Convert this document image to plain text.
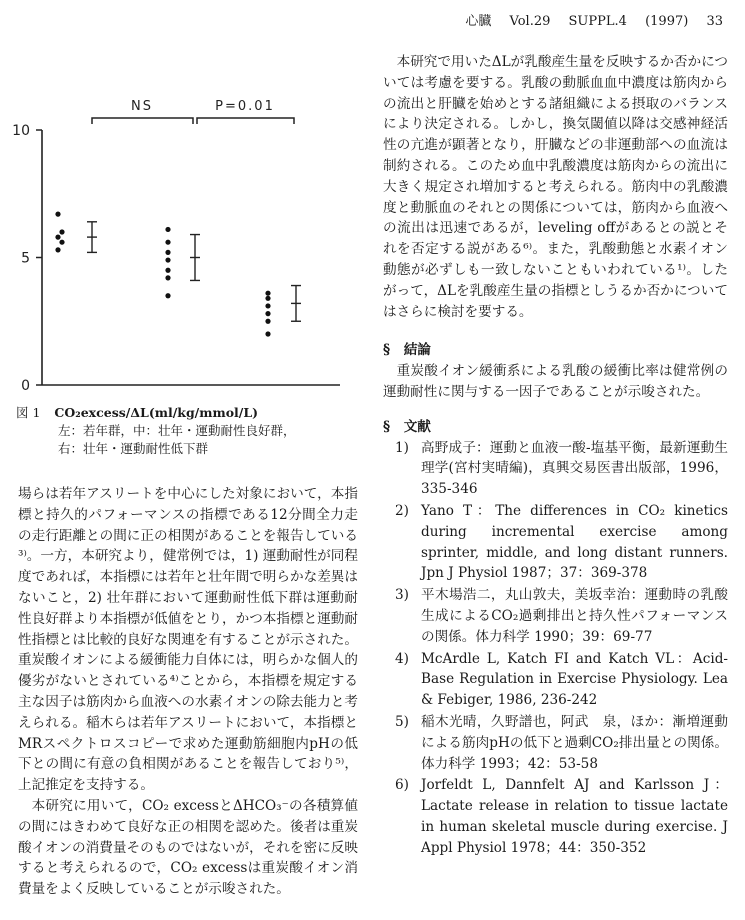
心臓 Vol.29 SUPPL.4 (1997) 33
0
5
10
NS	P=0.01
図 1 CO₂excess/ΔL(ml/kg/mmol/L)
左：若年群，中：壮年・運動耐性良好群，
右：壮年・運動耐性低下群

場らは若年アスリートを中心にした対象において，本指標と持久的パフォーマンスの指標である12分間全力走の走行距離との間に正の相関があることを報告している³⁾。一方，本研究より，健常例では，1) 運動耐性が同程度であれば，本指標には若年と壮年間で明らかな差異はないこと，2) 壮年群において運動耐性低下群は運動耐性良好群より本指標が低値をとり，かつ本指標と運動耐性指標とは比較的良好な関連を有することが示された。重炭酸イオンによる緩衝能力自体には，明らかな個人的優劣がないとされている⁴⁾ことから，本指標を規定する主な因子は筋肉から血液への水素イオンの除去能力と考えられる。稲木らは若年アスリートにおいて，本指標とMRスペクトロスコピーで求めた運動筋細胞内pHの低下との間に有意の負相関があることを報告しており⁵⁾，上記推定を支持する。

本研究に用いて，CO₂ excessとΔHCO₃⁻の各積算値の間にはきわめて良好な正の相関を認めた。後者は重炭酸イオンの消費量そのものではないが，それを密に反映すると考えられるので，CO₂ excessは重炭酸イオン消費量をよく反映していることが示唆された。

本研究で用いたΔLが乳酸産生量を反映するか否かについては考慮を要する。乳酸の動脈血血中濃度は筋肉からの流出と肝臓を始めとする諸組織による摂取のバランスにより決定される。しかし，換気閾値以降は交感神経活性の亢進が顕著となり，肝臓などの非運動部への血流は制約される。このため血中乳酸濃度は筋肉からの流出に大きく規定され増加すると考えられる。筋肉中の乳酸濃度と動脈血のそれとの関係については，筋肉から血液への流出は迅速であるが，leveling offがあるとの説とそれを否定する説がある⁶⁾。また，乳酸動態と水素イオン動態が必ずしも一致しないこともいわれている¹⁾。したがって，ΔLを乳酸産生量の指標としうるか否かについてはさらに検討を要する。

§　結論

重炭酸イオン緩衝系による乳酸の緩衝比率は健常例の運動耐性に関与する一因子であることが示唆された。

§　文献

1) 高野成子：運動と血液一酸-塩基平衡，最新運動生理学(宮村実晴編)，真興交易医書出版部，1996，335-346
2) Yano T：The differences in CO₂ kinetics during incremental exercise among sprinter, middle, and long distant runners. Jpn J Physiol 1987；37：369-378
3) 平木場浩二，丸山敦夫，美坂幸治：運動時の乳酸生成によるCO₂過剰排出と持久性パフォーマンスの関係。体力科学 1990；39：69-77
4) McArdle L, Katch FI and Katch VL：Acid-Base Regulation in Exercise Physiology. Lea & Febiger, 1986, 236-242
5) 稲木光晴，久野譜也，阿武　泉，ほか：漸増運動による筋肉pHの低下と過剰CO₂排出量との関係。体力科学 1993；42：53-58
6) Jorfeldt L, Dannfelt AJ and Karlsson J：Lactate release in relation to tissue lactate in human skeletal muscle during exercise. J Appl Physiol 1978；44：350-352
